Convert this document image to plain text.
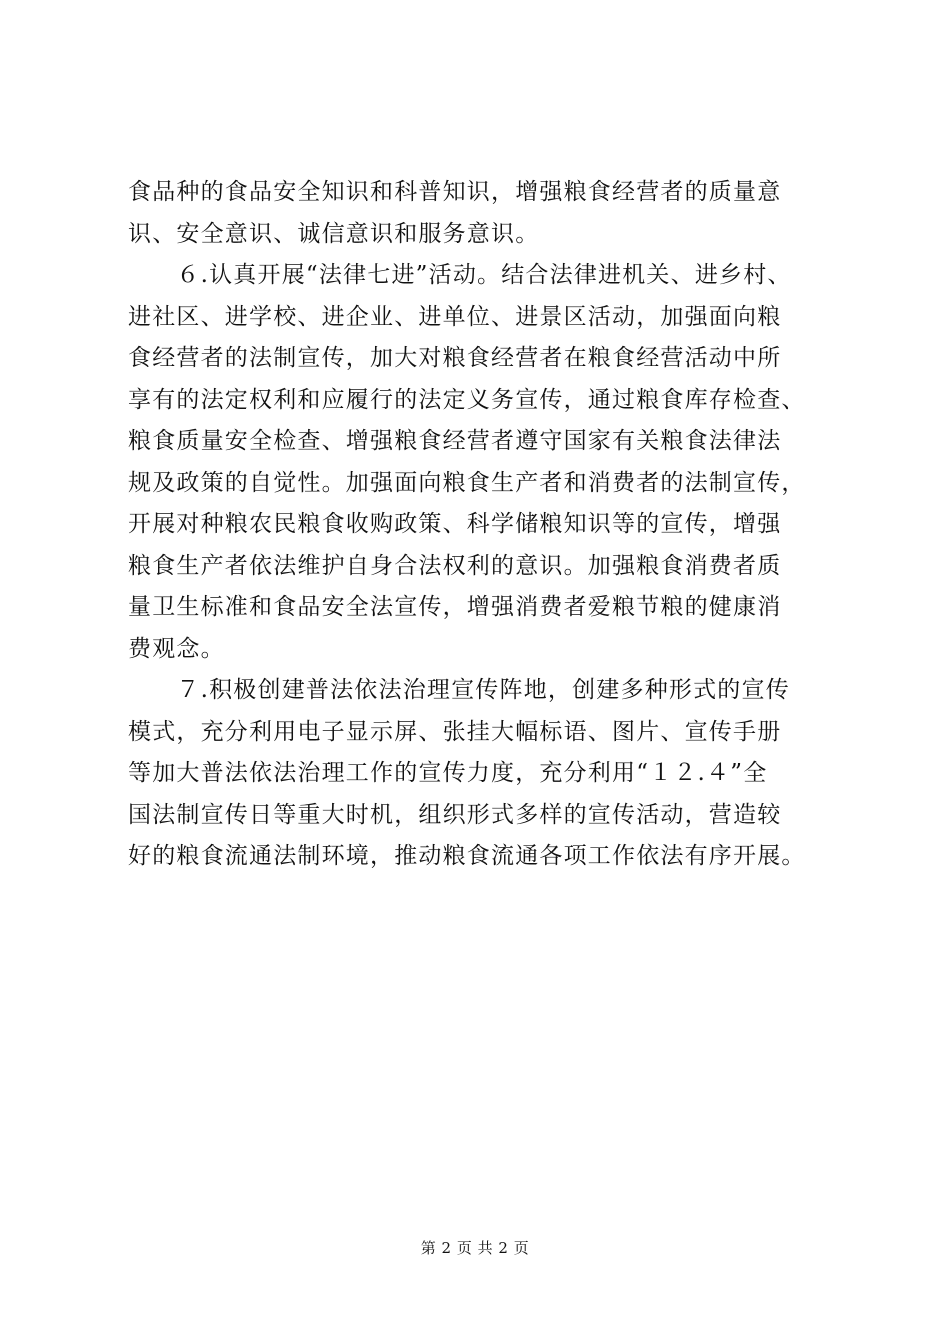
食品种的食品安全知识和科普知识，增强粮食经营者的质量意
识、安全意识、诚信意识和服务意识。
　　６.认真开展“法律七进”活动。结合法律进机关、进乡村、
进社区、进学校、进企业、进单位、进景区活动，加强面向粮
食经营者的法制宣传，加大对粮食经营者在粮食经营活动中所
享有的法定权利和应履行的法定义务宣传，通过粮食库存检查、
粮食质量安全检查、增强粮食经营者遵守国家有关粮食法律法
规及政策的自觉性。加强面向粮食生产者和消费者的法制宣传，
开展对种粮农民粮食收购政策、科学储粮知识等的宣传，增强
粮食生产者依法维护自身合法权利的意识。加强粮食消费者质
量卫生标准和食品安全法宣传，增强消费者爱粮节粮的健康消
费观念。
　　７.积极创建普法依法治理宣传阵地，创建多种形式的宣传
模式，充分利用电子显示屏、张挂大幅标语、图片、宣传手册
等加大普法依法治理工作的宣传力度，充分利用“１２.４”全
国法制宣传日等重大时机，组织形式多样的宣传活动，营造较
好的粮食流通法制环境，推动粮食流通各项工作依法有序开展。
第 2 页 共 2 页
